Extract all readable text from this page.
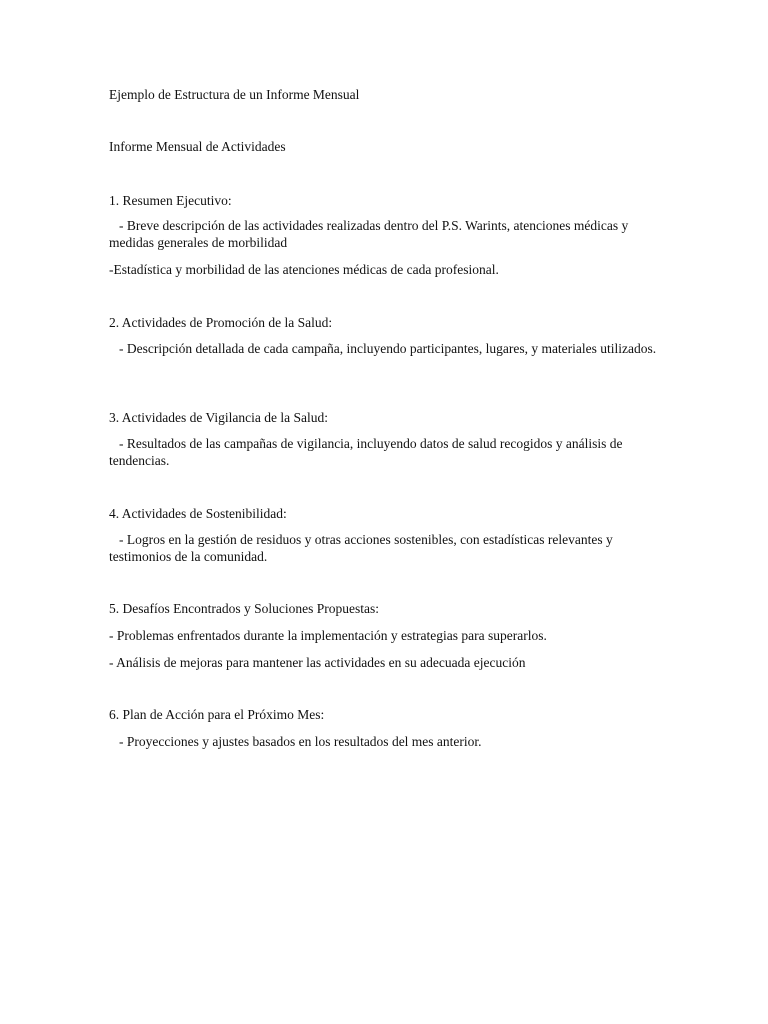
Ejemplo de Estructura de un Informe Mensual

Informe Mensual de Actividades

1. Resumen Ejecutivo:

- Breve descripción de las actividades realizadas dentro del P.S. Warints, atenciones médicas y medidas generales de morbilidad

-Estadística y morbilidad de las atenciones médicas de cada profesional.

2. Actividades de Promoción de la Salud:

- Descripción detallada de cada campaña, incluyendo participantes, lugares, y materiales utilizados.

3. Actividades de Vigilancia de la Salud:

- Resultados de las campañas de vigilancia, incluyendo datos de salud recogidos y análisis de tendencias.

4. Actividades de Sostenibilidad:

- Logros en la gestión de residuos y otras acciones sostenibles, con estadísticas relevantes y testimonios de la comunidad.

5. Desafíos Encontrados y Soluciones Propuestas:

- Problemas enfrentados durante la implementación y estrategias para superarlos.

- Análisis de mejoras para mantener las actividades en su adecuada ejecución

6. Plan de Acción para el Próximo Mes:

- Proyecciones y ajustes basados en los resultados del mes anterior.
